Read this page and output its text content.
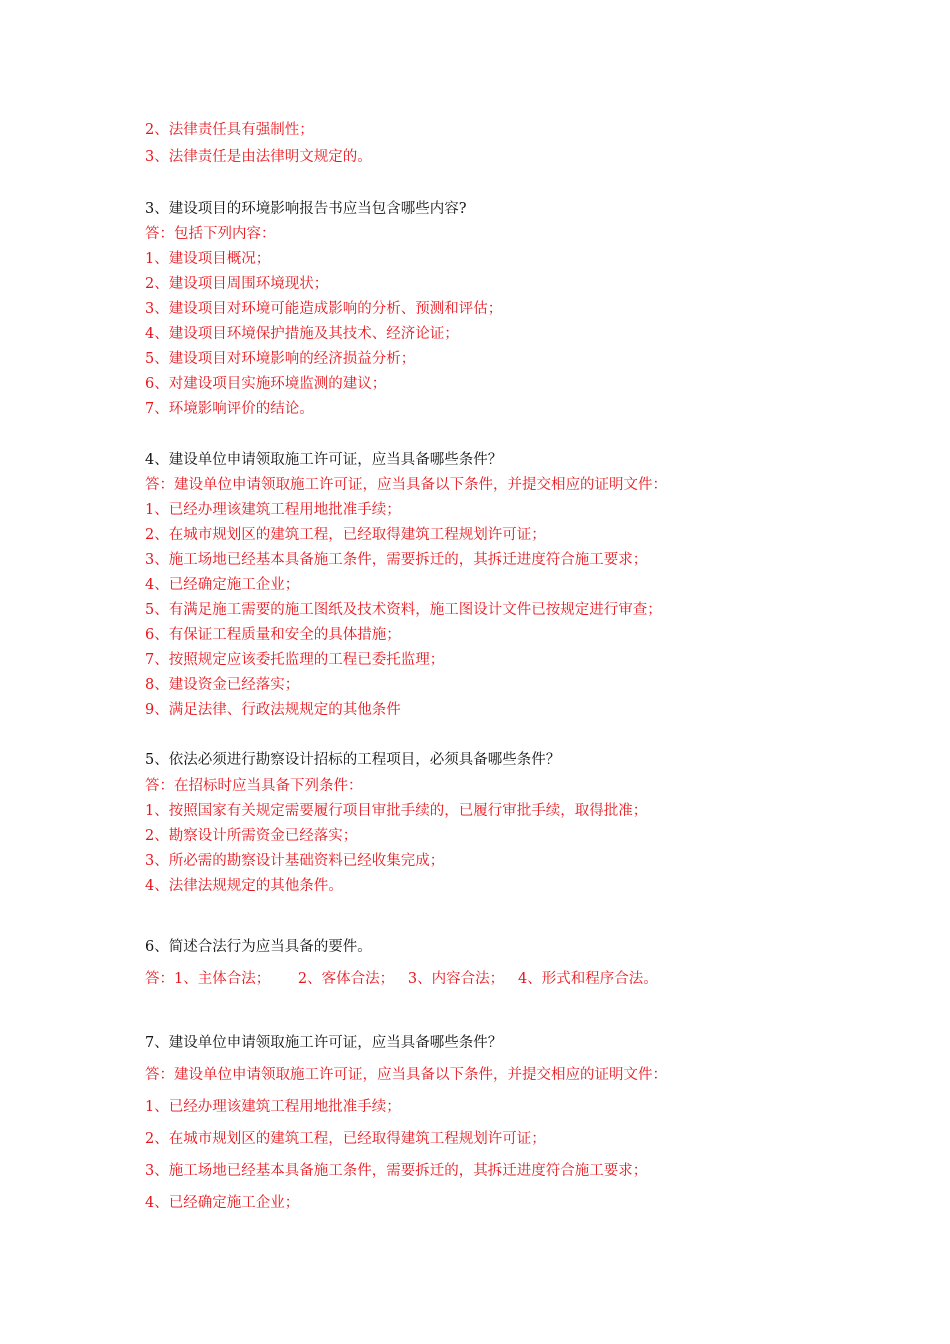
2、法律责任具有强制性；

3、法律责任是由法律明文规定的。

3、建设项目的环境影响报告书应当包含哪些内容?

答：包括下列内容：

1、建设项目概况；

2、建设项目周围环境现状；

3、建设项目对环境可能造成影响的分析、预测和评估；

4、建设项目环境保护措施及其技术、经济论证；

5、建设项目对环境影响的经济损益分析；

6、对建设项目实施环境监测的建议；

7、环境影响评价的结论。

4、建设单位申请领取施工许可证，应当具备哪些条件？

答：建设单位申请领取施工许可证，应当具备以下条件，并提交相应的证明文件：

1、已经办理该建筑工程用地批准手续；

2、在城市规划区的建筑工程，已经取得建筑工程规划许可证；

3、施工场地已经基本具备施工条件，需要拆迁的，其拆迁进度符合施工要求；

4、已经确定施工企业；

5、有满足施工需要的施工图纸及技术资料，施工图设计文件已按规定进行审查；

6、有保证工程质量和安全的具体措施；

7、按照规定应该委托监理的工程已委托监理；

8、建设资金已经落实；

9、满足法律、行政法规规定的其他条件

5、依法必须进行勘察设计招标的工程项目，必须具备哪些条件？

答：在招标时应当具备下列条件：

1、按照国家有关规定需要履行项目审批手续的，已履行审批手续，取得批准；

2、勘察设计所需资金已经落实；

3、所必需的勘察设计基础资料已经收集完成；

4、法律法规规定的其他条件。

6、简述合法行为应当具备的要件。

答：1、主体合法；      2、客体合法；   3、内容合法；   4、形式和程序合法。

7、建设单位申请领取施工许可证，应当具备哪些条件？

答：建设单位申请领取施工许可证，应当具备以下条件，并提交相应的证明文件：

1、已经办理该建筑工程用地批准手续；

2、在城市规划区的建筑工程，已经取得建筑工程规划许可证；

3、施工场地已经基本具备施工条件，需要拆迁的，其拆迁进度符合施工要求；

4、已经确定施工企业；
